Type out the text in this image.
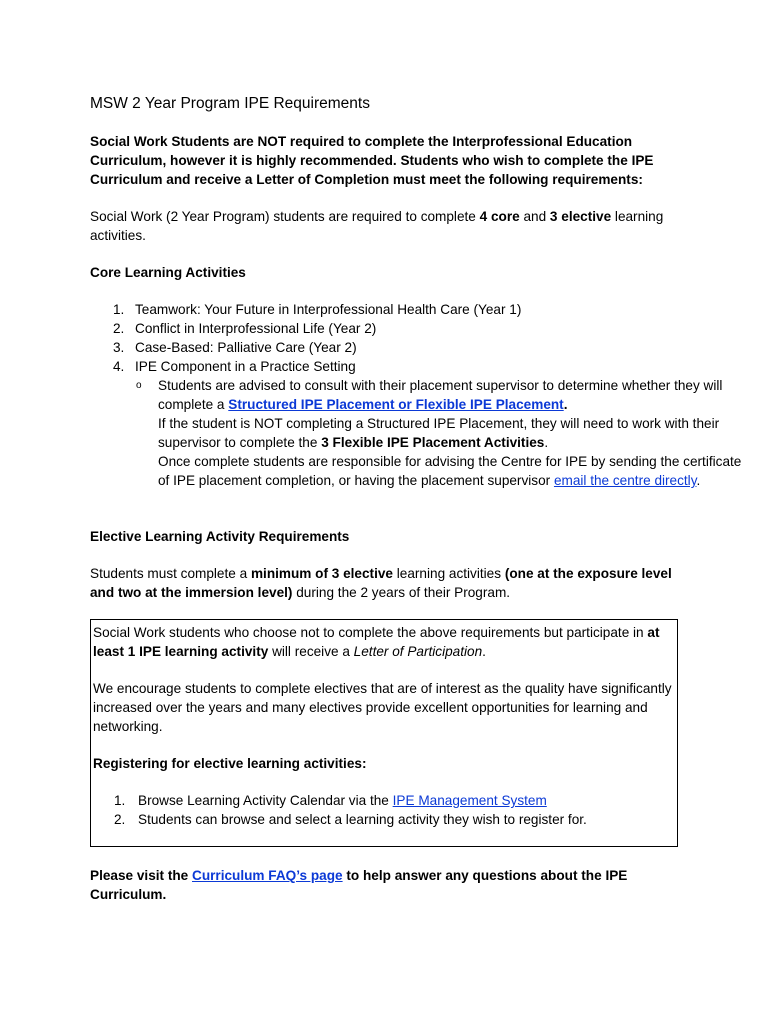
MSW 2 Year Program IPE Requirements

Social Work Students are NOT required to complete the Interprofessional Education Curriculum, however it is highly recommended. Students who wish to complete the IPE Curriculum and receive a Letter of Completion must meet the following requirements:

Social Work (2 Year Program) students are required to complete 4 core and 3 elective learning activities.

Core Learning Activities

1. Teamwork: Your Future in Interprofessional Health Care (Year 1)
2. Conflict in Interprofessional Life (Year 2)
3. Case-Based: Palliative Care (Year 2)
4. IPE Component in a Practice Setting
o Students are advised to consult with their placement supervisor to determine whether they will complete a Structured IPE Placement or Flexible IPE Placement.
If the student is NOT completing a Structured IPE Placement, they will need to work with their supervisor to complete the 3 Flexible IPE Placement Activities.
Once complete students are responsible for advising the Centre for IPE by sending the certificate of IPE placement completion, or having the placement supervisor email the centre directly.

Elective Learning Activity Requirements

Students must complete a minimum of 3 elective learning activities (one at the exposure level and two at the immersion level) during the 2 years of their Program.

Social Work students who choose not to complete the above requirements but participate in at least 1 IPE learning activity will receive a Letter of Participation.

We encourage students to complete electives that are of interest as the quality have significantly increased over the years and many electives provide excellent opportunities for learning and networking.

Registering for elective learning activities:

1. Browse Learning Activity Calendar via the IPE Management System
2. Students can browse and select a learning activity they wish to register for.

Please visit the Curriculum FAQ’s page to help answer any questions about the IPE Curriculum.
